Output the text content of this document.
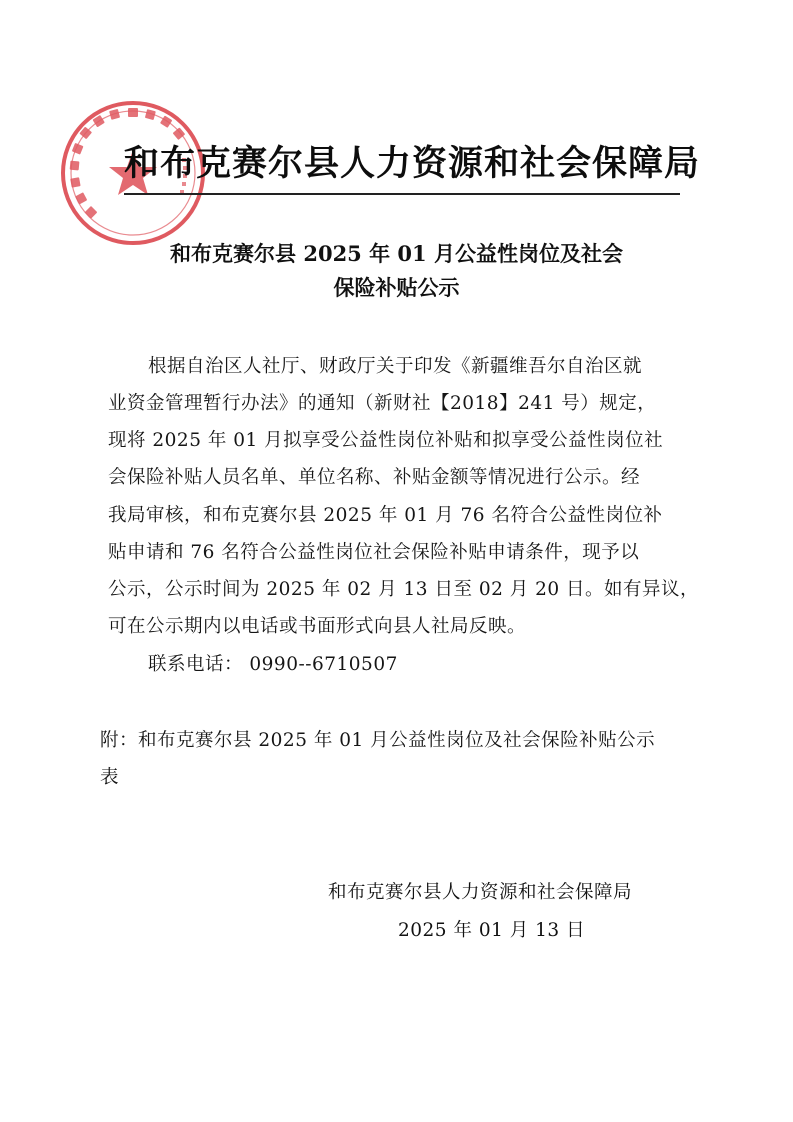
和布克赛尔县人力资源和社会保障局
和布克赛尔县 2025 年 01 月公益性岗位及社会
保险补贴公示
根据自治区人社厅、财政厅关于印发《新疆维吾尔自治区就
业资金管理暂行办法》的通知（新财社【2018】241 号）规定，
现将 2025 年 01 月拟享受公益性岗位补贴和拟享受公益性岗位社
会保险补贴人员名单、单位名称、补贴金额等情况进行公示。经
我局审核，和布克赛尔县 2025 年 01 月 76 名符合公益性岗位补
贴申请和 76 名符合公益性岗位社会保险补贴申请条件，现予以
公示，公示时间为 2025 年 02 月 13 日至 02 月 20 日。如有异议，
可在公示期内以电话或书面形式向县人社局反映。
联系电话： 0990--6710507
附：和布克赛尔县 2025 年 01 月公益性岗位及社会保险补贴公示
表
和布克赛尔县人力资源和社会保障局
2025 年 01 月 13 日
